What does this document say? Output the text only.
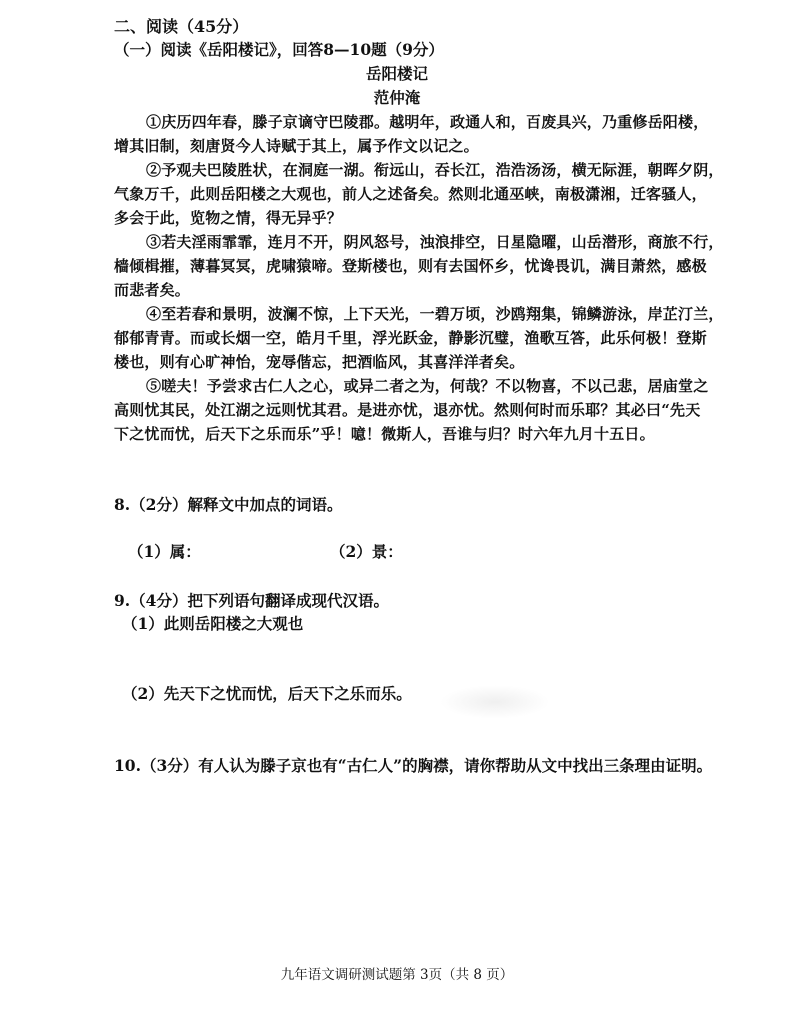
二、阅读（45分）
（一）阅读《岳阳楼记》，回答8—10题（9分）
岳阳楼记
范仲淹
①庆历四年春，滕子京谪守巴陵郡。越明年，政通人和，百废具兴，乃重修岳阳楼，
增其旧制，刻唐贤今人诗赋于其上，属予作文以记之。
②予观夫巴陵胜状，在洞庭一湖。衔远山，吞长江，浩浩汤汤，横无际涯，朝晖夕阴，
气象万千，此则岳阳楼之大观也，前人之述备矣。然则北通巫峡，南极潇湘，迁客骚人，
多会于此，览物之情，得无异乎？
③若夫淫雨霏霏，连月不开，阴风怒号，浊浪排空，日星隐曜，山岳潜形，商旅不行，
樯倾楫摧，薄暮冥冥，虎啸猿啼。登斯楼也，则有去国怀乡，忧谗畏讥，满目萧然，感极
而悲者矣。
④至若春和景明，波澜不惊，上下天光，一碧万顷，沙鸥翔集，锦鳞游泳，岸芷汀兰，
郁郁青青。而或长烟一空，皓月千里，浮光跃金，静影沉璧，渔歌互答，此乐何极！登斯
楼也，则有心旷神怡，宠辱偕忘，把酒临风，其喜洋洋者矣。
⑤嗟夫！予尝求古仁人之心，或异二者之为，何哉？不以物喜，不以己悲，居庙堂之
高则忧其民，处江湖之远则忧其君。是进亦忧，退亦忧。然则何时而乐耶？其必曰“先天
下之忧而忧，后天下之乐而乐”乎！噫！微斯人，吾谁与归？时六年九月十五日。
8.（2分）解释文中加点的词语。
（1）属：	（2）景：
9.（4分）把下列语句翻译成现代汉语。
（1）此则岳阳楼之大观也
（2）先天下之忧而忧，后天下之乐而乐。
10.（3分）有人认为滕子京也有“古仁人”的胸襟，请你帮助从文中找出三条理由证明。
九年语文调研测试题第 3页（共 8 页）
